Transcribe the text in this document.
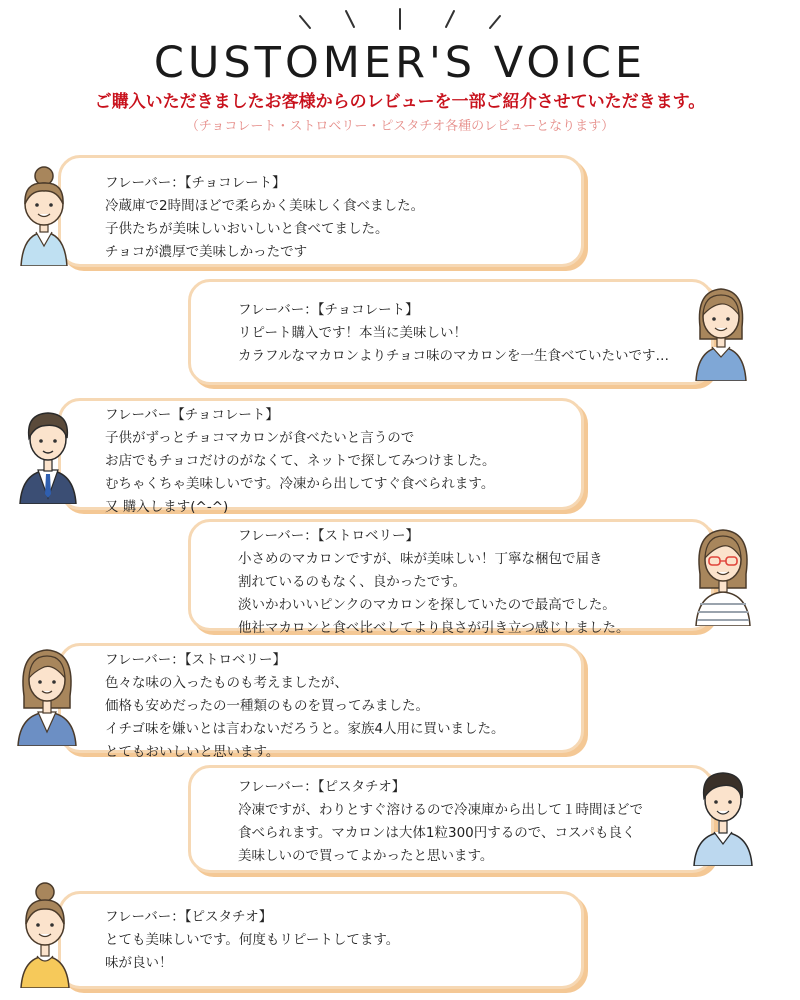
CUSTOMER'S VOICE
ご購入いただきましたお客様からのレビューを一部ご紹介させていただきます。
（チョコレート・ストロベリー・ピスタチオ各種のレビューとなります）
フレーバー：【チョコレート】
冷蔵庫で2時間ほどで柔らかく美味しく食べました。
子供たちが美味しいおいしいと食べてました。
チョコが濃厚で美味しかったです
フレーバー：【チョコレート】
リピート購入です！本当に美味しい！
カラフルなマカロンよりチョコ味のマカロンを一生食べていたいです…
フレーバー【チョコレート】
子供がずっとチョコマカロンが食べたいと言うので
お店でもチョコだけのがなくて、ネットで探してみつけました。
むちゃくちゃ美味しいです。冷凍から出してすぐ食べられます。
又 購入します(^-^)
フレーバー：【ストロベリー】
小さめのマカロンですが、味が美味しい！丁寧な梱包で届き
割れているのもなく、良かったです。
淡いかわいいピンクのマカロンを探していたので最高でした。
他社マカロンと食べ比べしてより良さが引き立つ感じしました。
フレーバー：【ストロベリー】
色々な味の入ったものも考えましたが、
価格も安めだったの一種類のものを買ってみました。
イチゴ味を嫌いとは言わないだろうと。家族4人用に買いました。
とてもおいしいと思います。
フレーバー：【ピスタチオ】
冷凍ですが、わりとすぐ溶けるので冷凍庫から出して１時間ほどで
食べられます。マカロンは大体1粒300円するので、コスパも良く
美味しいので買ってよかったと思います。
フレーバー：【ピスタチオ】
とても美味しいです。何度もリピートしてます。
味が良い！
